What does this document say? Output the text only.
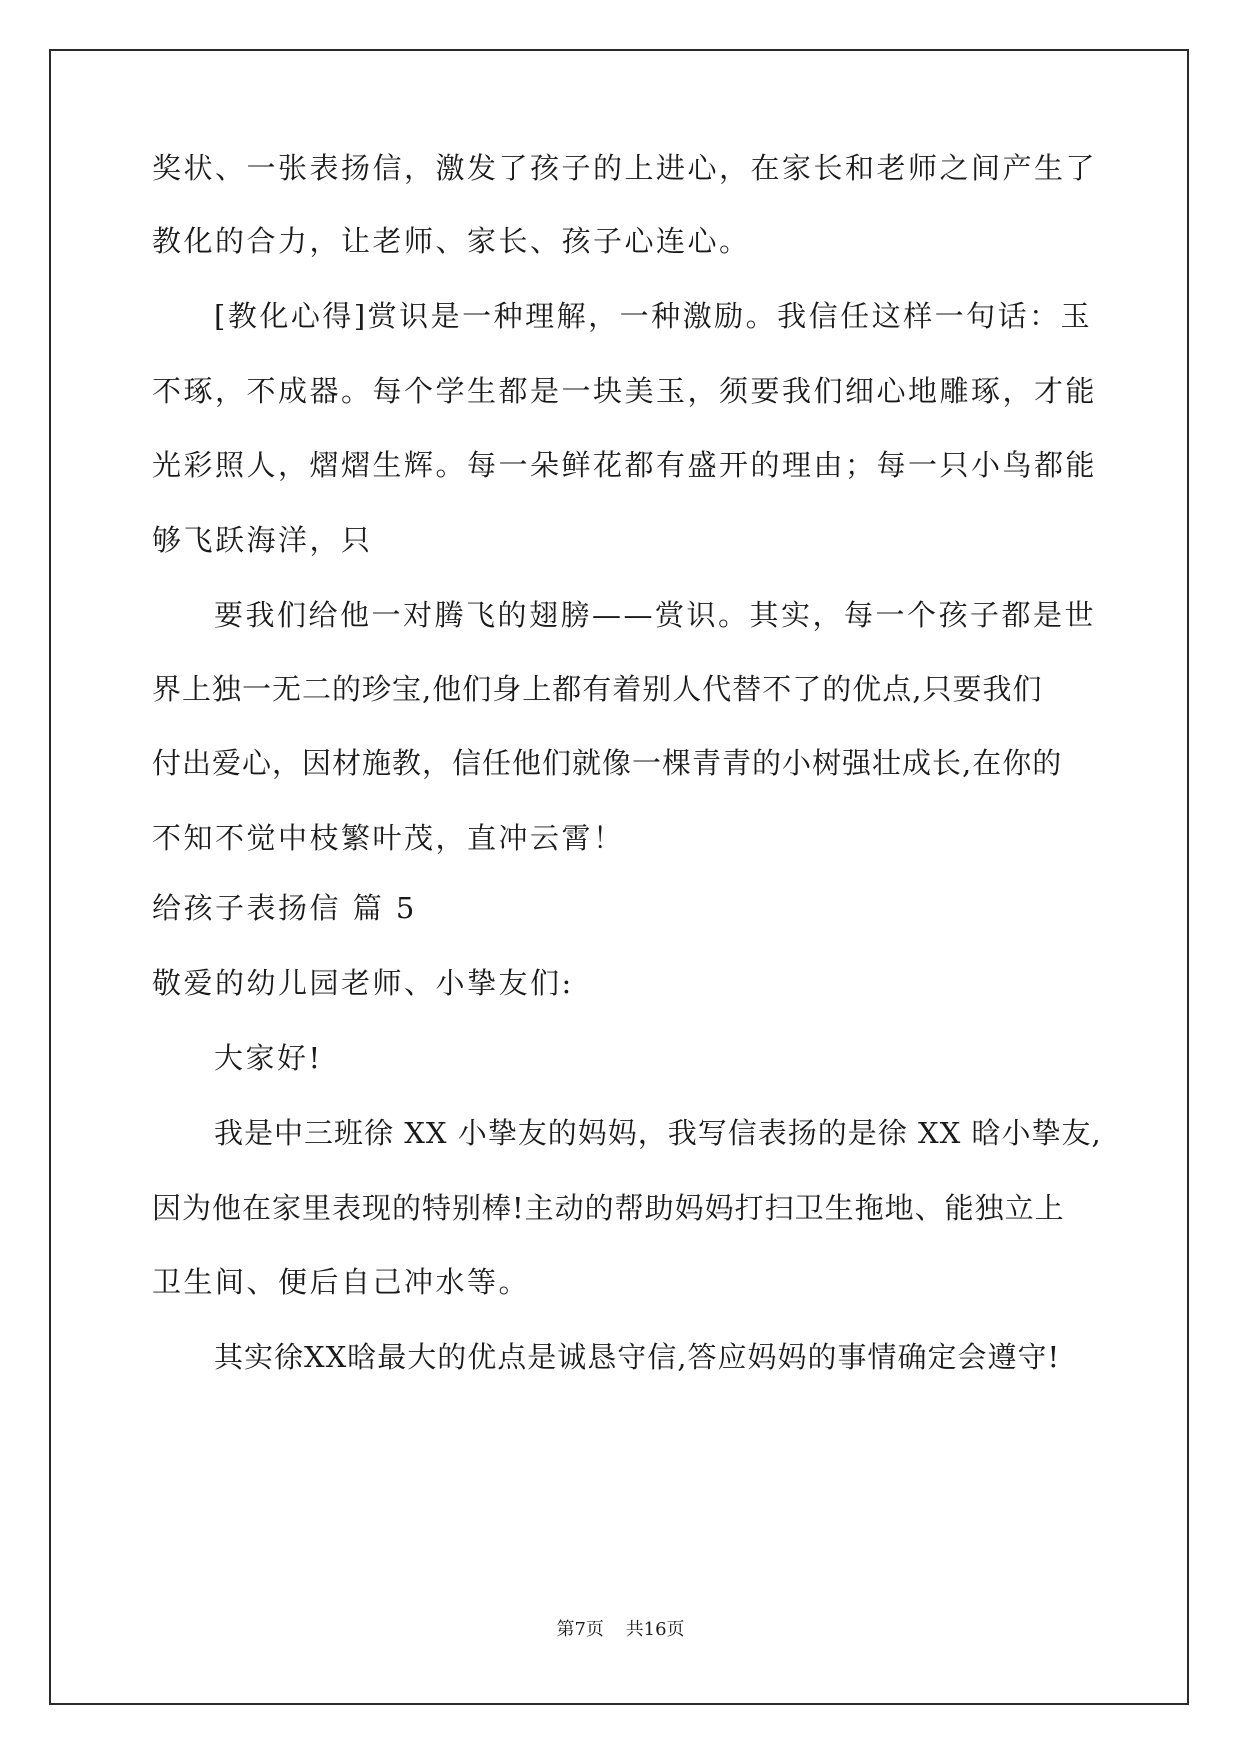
奖状、一张表扬信，激发了孩子的上进心，在家长和老师之间产生了
教化的合力，让老师、家长、孩子心连心。
[教化心得]赏识是一种理解，一种激励。我信任这样一句话：玉
不琢，不成器。每个学生都是一块美玉，须要我们细心地雕琢，才能
光彩照人，熠熠生辉。每一朵鲜花都有盛开的理由；每一只小鸟都能
够飞跃海洋，只
要我们给他一对腾飞的翅膀——赏识。其实，每一个孩子都是世
界上独一无二的珍宝,他们身上都有着别人代替不了的优点,只要我们
付出爱心，因材施教，信任他们就像一棵青青的小树强壮成长,在你的
不知不觉中枝繁叶茂，直冲云霄！
给孩子表扬信 篇 5
敬爱的幼儿园老师、小挚友们:
大家好!
我是中三班徐 XX 小挚友的妈妈，我写信表扬的是徐 XX 晗小挚友,
因为他在家里表现的特别棒!主动的帮助妈妈打扫卫生拖地、能独立上
卫生间、便后自己冲水等。
其实徐XX晗最大的优点是诚恳守信,答应妈妈的事情确定会遵守!
第7页 共16页
